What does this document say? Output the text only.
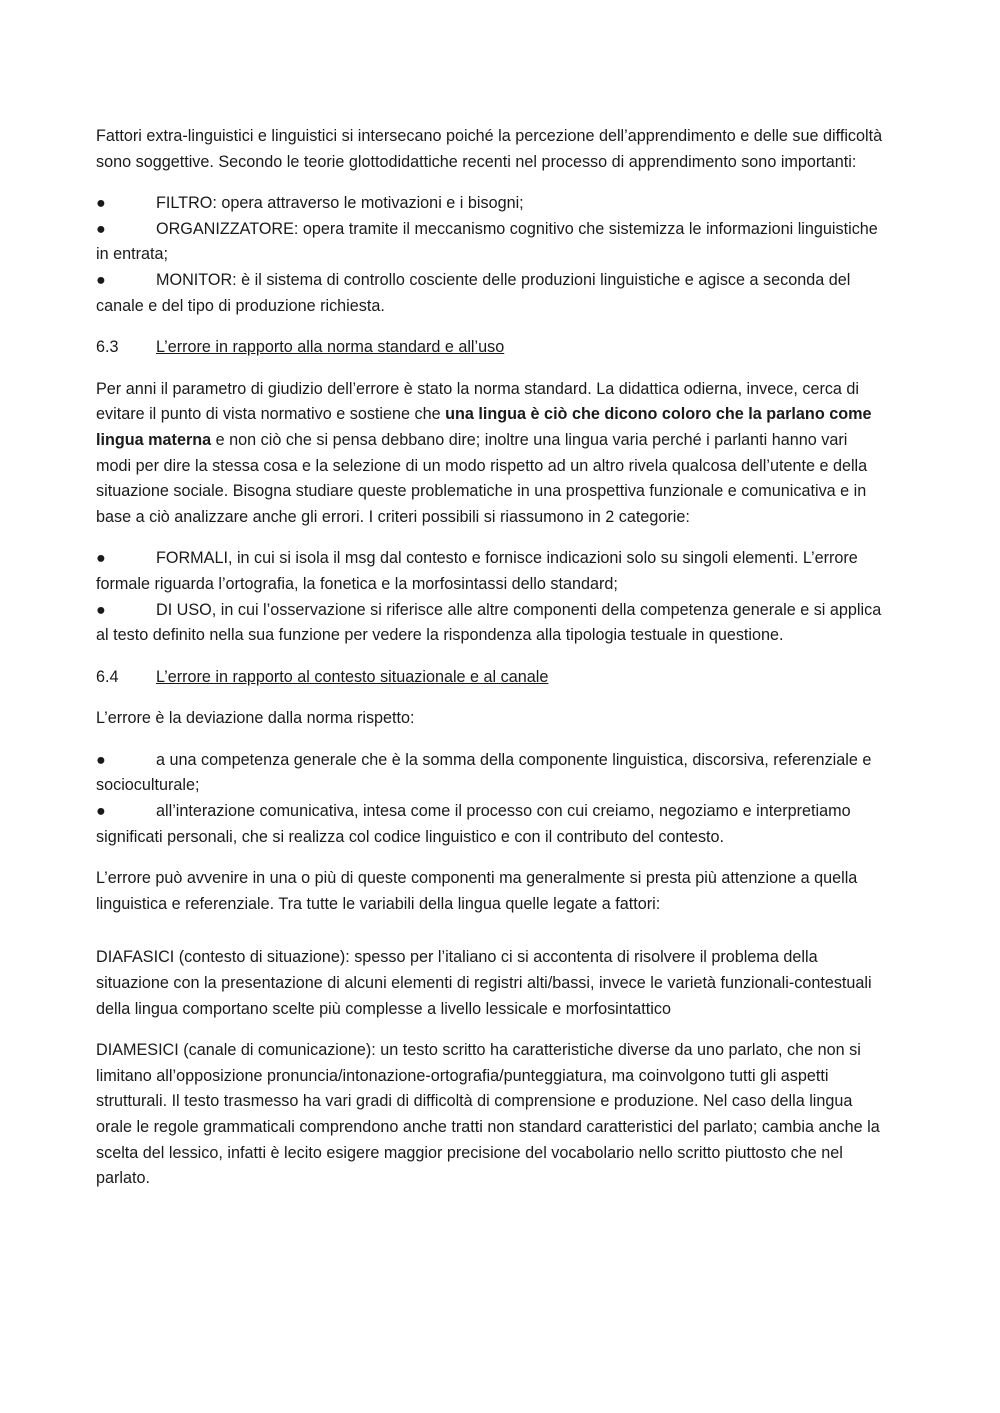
Fattori extra-linguistici e linguistici si intersecano poiché la percezione dell’apprendimento e delle sue difficoltà sono soggettive. Secondo le teorie glottodidattiche recenti nel processo di apprendimento sono importanti:

●	FILTRO: opera attraverso le motivazioni e i bisogni;
●	ORGANIZZATORE: opera tramite il meccanismo cognitivo che sistemizza le informazioni linguistiche in entrata;
●	MONITOR: è il sistema di controllo cosciente delle produzioni linguistiche e agisce a seconda del canale e del tipo di produzione richiesta.
6.3 L’errore in rapporto alla norma standard e all’uso

Per anni il parametro di giudizio dell’errore è stato la norma standard. La didattica odierna, invece, cerca di evitare il punto di vista normativo e sostiene che una lingua è ciò che dicono coloro che la parlano come lingua materna e non ciò che si pensa debbano dire; inoltre una lingua varia perché i parlanti hanno vari modi per dire la stessa cosa e la selezione di un modo rispetto ad un altro rivela qualcosa dell’utente e della situazione sociale. Bisogna studiare queste problematiche in una prospettiva funzionale e comunicativa e in base a ciò analizzare anche gli errori. I criteri possibili si riassumono in 2 categorie:

●	FORMALI, in cui si isola il msg dal contesto e fornisce indicazioni solo su singoli elementi. L’errore formale riguarda l’ortografia, la fonetica e la morfosintassi dello standard;
●	DI USO, in cui l’osservazione si riferisce alle altre componenti della competenza generale e si applica al testo definito nella sua funzione per vedere la rispondenza alla tipologia testuale in questione.
6.4 L’errore in rapporto al contesto situazionale e al canale

L’errore è la deviazione dalla norma rispetto:

●	a una competenza generale che è la somma della componente linguistica, discorsiva, referenziale e socioculturale;
●	all’interazione comunicativa, intesa come il processo con cui creiamo, negoziamo e interpretiamo significati personali, che si realizza col codice linguistico e con il contributo del contesto.

L’errore può avvenire in una o più di queste componenti ma generalmente si presta più attenzione a quella linguistica e referenziale. Tra tutte le variabili della lingua quelle legate a fattori:

DIAFASICI (contesto di situazione): spesso per l’italiano ci si accontenta di risolvere il problema della situazione con la presentazione di alcuni elementi di registri alti/bassi, invece le varietà funzionali-contestuali della lingua comportano scelte più complesse a livello lessicale e morfosintattico

DIAMESICI (canale di comunicazione): un testo scritto ha caratteristiche diverse da uno parlato, che non si limitano all’opposizione pronuncia/intonazione-ortografia/punteggiatura, ma coinvolgono tutti gli aspetti strutturali. Il testo trasmesso ha vari gradi di difficoltà di comprensione e produzione. Nel caso della lingua orale le regole grammaticali comprendono anche tratti non standard caratteristici del parlato; cambia anche la scelta del lessico, infatti è lecito esigere maggior precisione del vocabolario nello scritto piuttosto che nel parlato.
